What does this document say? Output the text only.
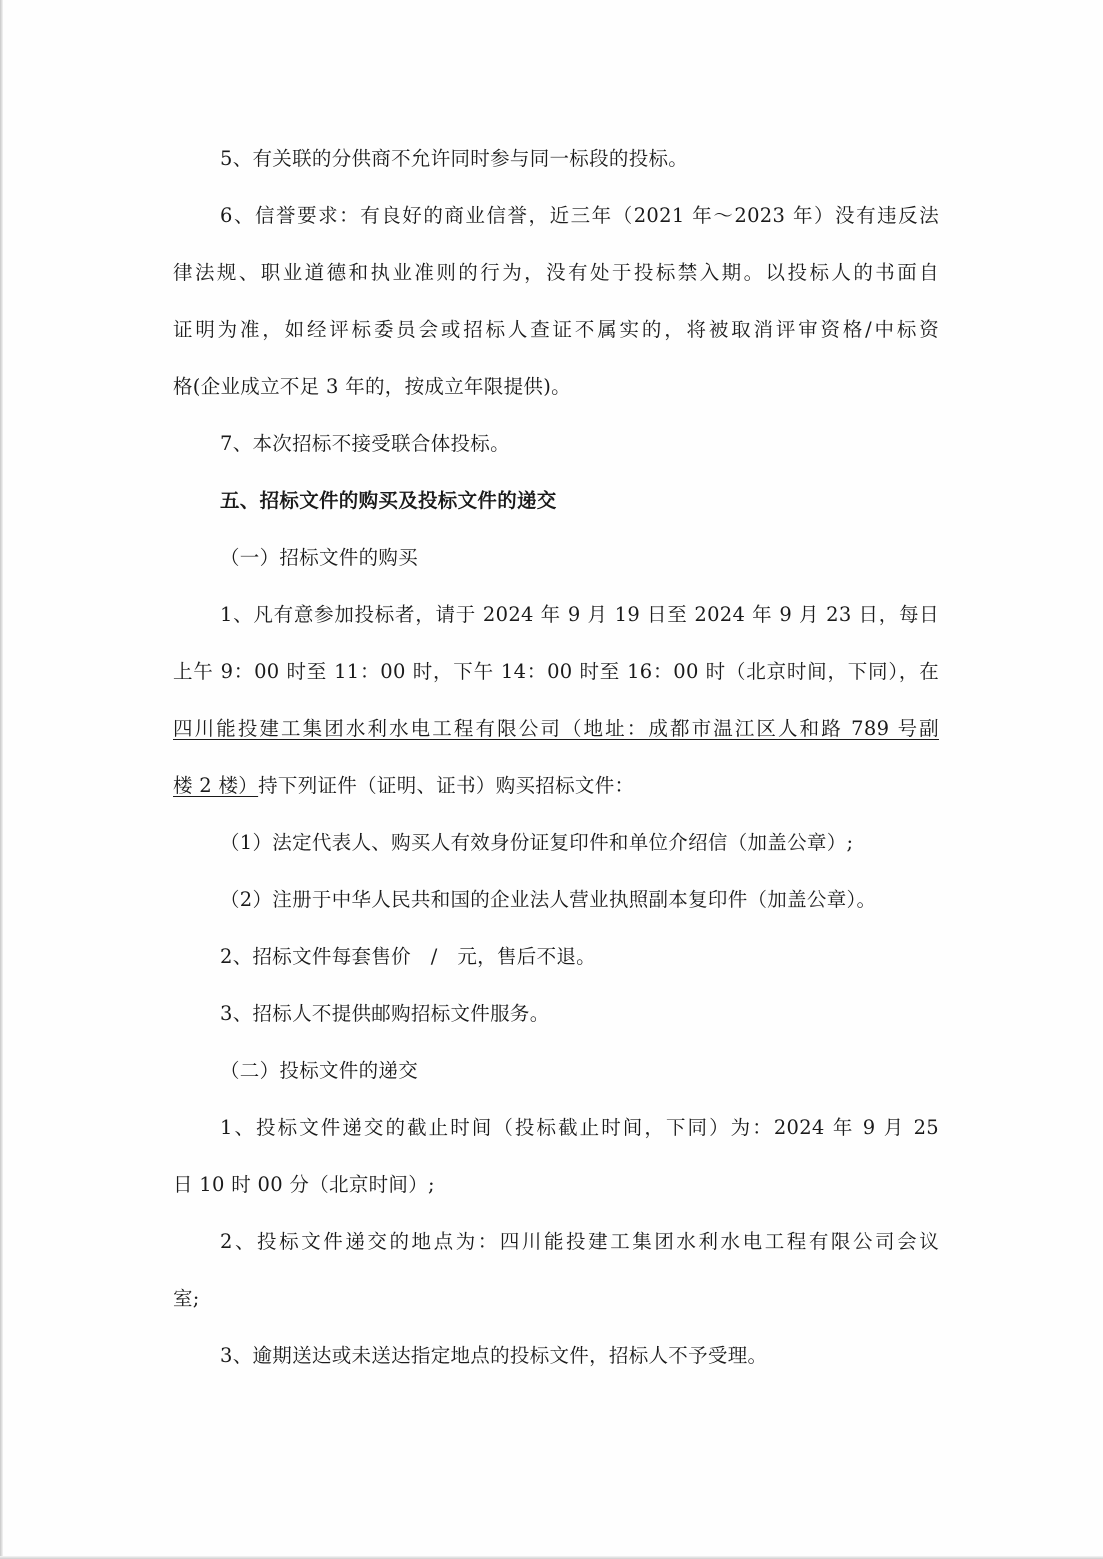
5、有关联的分供商不允许同时参与同一标段的投标。
6、信誉要求：有良好的商业信誉，近三年（2021 年～2023 年）没有违反法
律法规、职业道德和执业准则的行为，没有处于投标禁入期。以投标人的书面自
证明为准，如经评标委员会或招标人查证不属实的，将被取消评审资格/中标资
格(企业成立不足 3 年的，按成立年限提供)。
7、本次招标不接受联合体投标。
五、招标文件的购买及投标文件的递交
（一）招标文件的购买
1、凡有意参加投标者，请于 2024 年 9 月 19 日至 2024 年 9 月 23 日，每日
上午 9：00 时至 11：00 时，下午 14：00 时至 16：00 时（北京时间，下同），在
四川能投建工集团水利水电工程有限公司（地址：成都市温江区人和路 789 号副
楼 2 楼）持下列证件（证明、证书）购买招标文件：
（1）法定代表人、购买人有效身份证复印件和单位介绍信（加盖公章）;
（2）注册于中华人民共和国的企业法人营业执照副本复印件（加盖公章）。
2、招标文件每套售价　/　元，售后不退。
3、招标人不提供邮购招标文件服务。
（二）投标文件的递交
1、投标文件递交的截止时间（投标截止时间，下同）为：2024 年 9 月 25
日 10 时 00 分（北京时间）;
2、投标文件递交的地点为：四川能投建工集团水利水电工程有限公司会议
室;
3、逾期送达或未送达指定地点的投标文件，招标人不予受理。
